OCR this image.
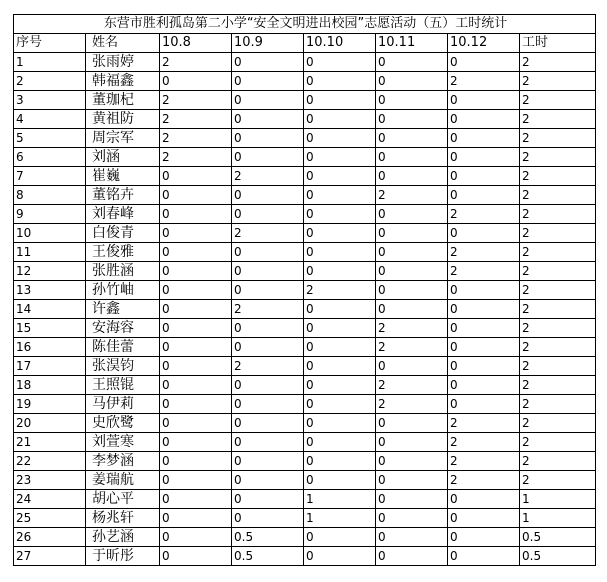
东营市胜利孤岛第二小学“安全文明进出校园”志愿活动（五）工时统计							
序号	姓名	10.8	10.9	10.10	10.11	10.12	工时
1	张雨婷	2	0	0	0	0	2
2	韩福鑫	0	0	0	0	2	2
3	董珈杞	2	0	0	0	0	2
4	黄祖防	2	0	0	0	0	2
5	周宗军	2	0	0	0	0	2
6	刘涵	2	0	0	0	0	2
7	崔巍	0	2	0	0	0	2
8	董铭卉	0	0	0	2	0	2
9	刘春峰	0	0	0	0	2	2
10	白俊青	0	2	0	0	0	2
11	王俊雅	0	0	0	0	2	2
12	张胜涵	0	0	0	0	2	2
13	孙竹岫	0	0	2	0	0	2
14	许鑫	0	2	0	0	0	2
15	安海容	0	0	0	2	0	2
16	陈佳蕾	0	0	0	2	0	2
17	张淏钧	0	2	0	0	0	2
18	王照锟	0	0	0	2	0	2
19	马伊莉	0	0	0	2	0	2
20	史欣鹭	0	0	0	0	2	2
21	刘萱寒	0	0	0	0	2	2
22	李梦涵	0	0	0	0	2	2
23	姜瑞航	0	0	0	0	2	2
24	胡心平	0	0	1	0	0	1
25	杨兆轩	0	0	1	0	0	1
26	孙艺涵	0	0.5	0	0	0	0.5
27	于昕彤	0	0.5	0	0	0	0.5
